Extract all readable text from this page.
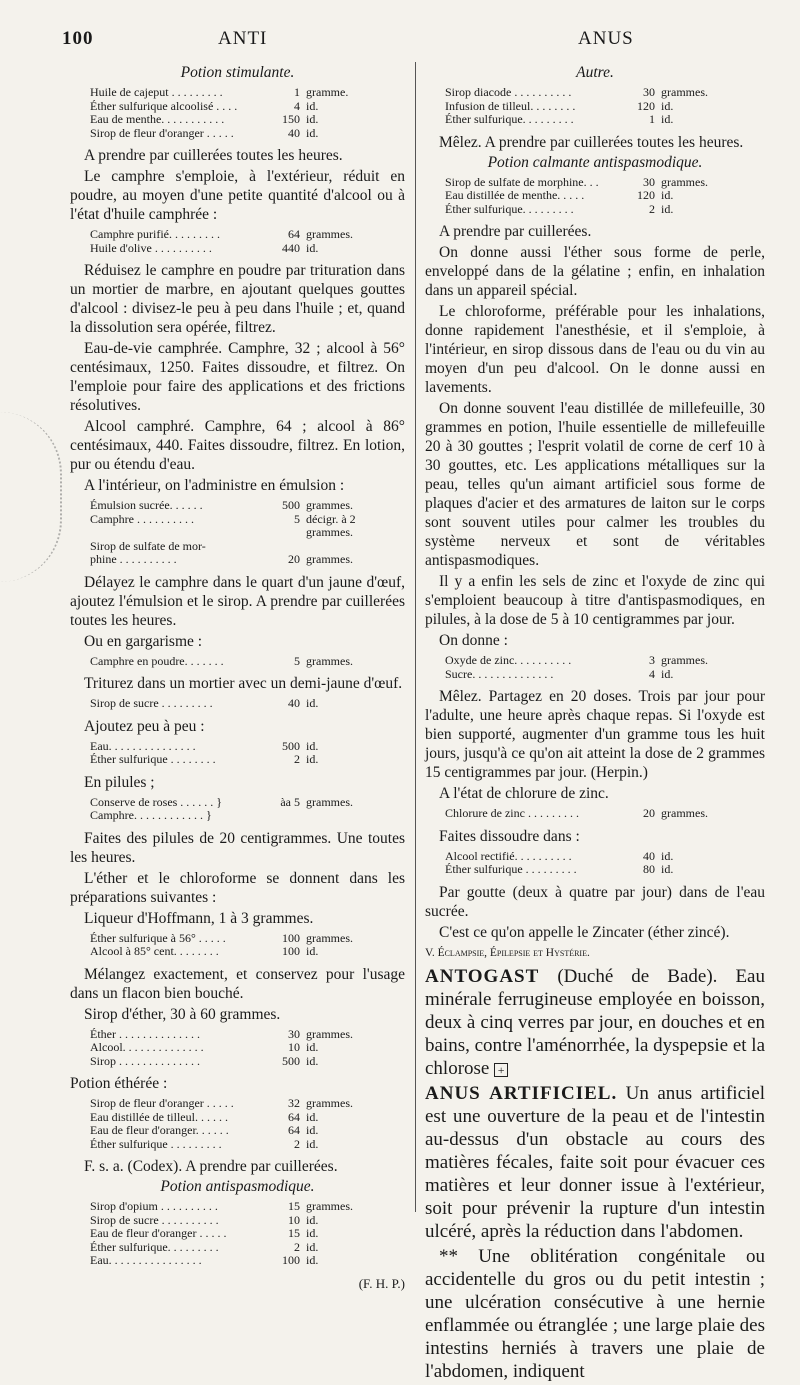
100	ANTI	ANUS
Potion stimulante.
Huile de cajeput . . . . . . . . .	1 gramme.
Éther sulfurique alcoolisé . . . .	4 id.
Eau de menthe. . . . . . . . . . .	150 id.
Sirop de fleur d'oranger . . . . .	40 id.

A prendre par cuillerées toutes les heures.

Le camphre s'emploie, à l'extérieur, réduit en poudre, au moyen d'une petite quantité d'alcool ou à l'état d'huile camphrée :

Camphre purifié. . . . . . . . .	64 grammes.
Huile d'olive . . . . . . . . . .	440 id.

Réduisez le camphre en poudre par trituration dans un mortier de marbre, en ajoutant quelques gouttes d'alcool : divisez-le peu à peu dans l'huile ; et, quand la dissolution sera opérée, filtrez.

Eau-de-vie camphrée. Camphre, 32 ; alcool à 56° centésimaux, 1250. Faites dissoudre, et filtrez. On l'emploie pour faire des applications et des frictions résolutives.

Alcool camphré. Camphre, 64 ; alcool à 86° centésimaux, 440. Faites dissoudre, filtrez. En lotion, pur ou étendu d'eau.

A l'intérieur, on l'administre en émulsion :

Émulsion sucrée. . . . . .	500 grammes.
Camphre . . . . . . . . . .	5 décigr. à 2 grammes.
Sirop de sulfate de mor-
phine . . . . . . . . . .	20 grammes.

Délayez le camphre dans le quart d'un jaune d'œuf, ajoutez l'émulsion et le sirop. A prendre par cuillerées toutes les heures.

Ou en gargarisme :

Camphre en poudre. . . . . . .	5 grammes.

Triturez dans un mortier avec un demi-jaune d'œuf.

Sirop de sucre . . . . . . . . .	40 id.

Ajoutez peu à peu :

Eau. . . . . . . . . . . . . . .	500 id.
Éther sulfurique . . . . . . . .	2 id.

En pilules ;

Conserve de roses . . . . . . }	àa 5 grammes.
Camphre. . . . . . . . . . . . }

Faites des pilules de 20 centigrammes. Une toutes les heures.

L'éther et le chloroforme se donnent dans les préparations suivantes :

Liqueur d'Hoffmann, 1 à 3 grammes.

Éther sulfurique à 56° . . . . .	100 grammes.
Alcool à 85° cent. . . . . . . .	100 id.

Mélangez exactement, et conservez pour l'usage dans un flacon bien bouché.

Sirop d'éther, 30 à 60 grammes.

Éther . . . . . . . . . . . . . .	30 grammes.
Alcool. . . . . . . . . . . . . .	10 id.
Sirop . . . . . . . . . . . . . .	500 id.

Potion éthérée :

Sirop de fleur d'oranger . . . . .	32 grammes.
Eau distillée de tilleul. . . . . .	64 id.
Eau de fleur d'oranger. . . . . .	64 id.
Éther sulfurique . . . . . . . . .	2 id.

F. s. a. (Codex). A prendre par cuillerées.

Potion antispasmodique.
Sirop d'opium . . . . . . . . . .	15 grammes.
Sirop de sucre . . . . . . . . . .	10 id.
Eau de fleur d'oranger . . . . .	15 id.
Éther sulfurique. . . . . . . . .	2 id.
Eau. . . . . . . . . . . . . . . .	100 id.
(F. H. P.)
Autre.
Sirop diacode . . . . . . . . . .	30 grammes.
Infusion de tilleul. . . . . . . .	120 id.
Éther sulfurique. . . . . . . . .	1 id.

Mêlez. A prendre par cuillerées toutes les heures.

Potion calmante antispasmodique.
Sirop de sulfate de morphine. . .	30 grammes.
Eau distillée de menthe. . . . .	120 id.
Éther sulfurique. . . . . . . . .	2 id.

A prendre par cuillerées.

On donne aussi l'éther sous forme de perle, enveloppé dans de la gélatine ; enfin, en inhalation dans un appareil spécial.

Le chloroforme, préférable pour les inhalations, donne rapidement l'anesthésie, et il s'emploie, à l'intérieur, en sirop dissous dans de l'eau ou du vin au moyen d'un peu d'alcool. On le donne aussi en lavements.

On donne souvent l'eau distillée de millefeuille, 30 grammes en potion, l'huile essentielle de millefeuille 20 à 30 gouttes ; l'esprit volatil de corne de cerf 10 à 30 gouttes, etc. Les applications métalliques sur la peau, telles qu'un aimant artificiel sous forme de plaques d'acier et des armatures de laiton sur le corps sont souvent utiles pour calmer les troubles du système nerveux et sont de véritables antispasmodiques.

Il y a enfin les sels de zinc et l'oxyde de zinc qui s'emploient beaucoup à titre d'antispasmodiques, en pilules, à la dose de 5 à 10 centigrammes par jour.

On donne :

Oxyde de zinc. . . . . . . . . .	3 grammes.
Sucre. . . . . . . . . . . . . .	4 id.

Mêlez. Partagez en 20 doses. Trois par jour pour l'adulte, une heure après chaque repas. Si l'oxyde est bien supporté, augmenter d'un gramme tous les huit jours, jusqu'à ce qu'on ait atteint la dose de 2 grammes 15 centigrammes par jour. (Herpin.)

A l'état de chlorure de zinc.

Chlorure de zinc . . . . . . . . .	20 grammes.

Faites dissoudre dans :

Alcool rectifié. . . . . . . . . .	40 id.
Éther sulfurique . . . . . . . . .	80 id.

Par goutte (deux à quatre par jour) dans de l'eau sucrée.

C'est ce qu'on appelle le Zincater (éther zincé).

V. Éclampsie, Épilepsie et Hystérie.

ANTOGAST (Duché de Bade). Eau minérale ferrugineuse employée en boisson, deux à cinq verres par jour, en douches et en bains, contre l'aménorrhée, la dyspepsie et la chlorose +

ANUS ARTIFICIEL. Un anus artificiel est une ouverture de la peau et de l'intestin au-dessus d'un obstacle au cours des matières fécales, faite soit pour évacuer ces matières et leur donner issue à l'extérieur, soit pour prévenir la rupture d'un intestin ulcéré, après la réduction dans l'abdomen.

** Une oblitération congénitale ou accidentelle du gros ou du petit intestin ; une ulcération consécutive à une hernie enflammée ou étranglée ; une large plaie des intestins herniés à travers une plaie de l'abdomen, indiquent
